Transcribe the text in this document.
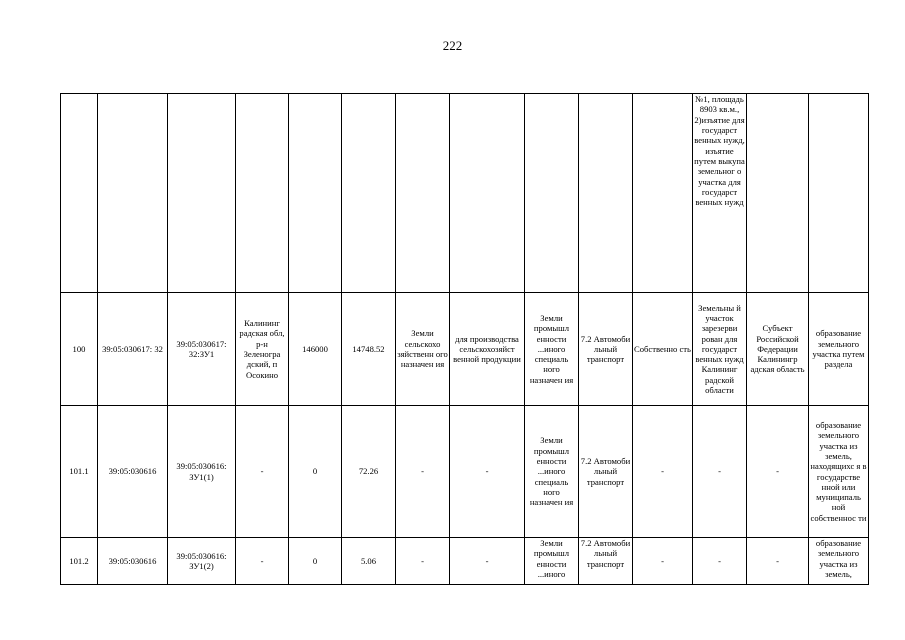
222
											№1, площадь 8903 кв.м., 2)изъятие для государст венных нужд, изъятие путем выкупа земельног о участка для государст венных нужд		
100	39:05:030617: 32	39:05:030617: 32:ЗУ1	Калининг радская обл, р-н Зеленогра дский, п Осокино	146000	14748.52	Земли сельскохо зяйственн ого назначен ия	для производства сельскохозяйст венной продукции	Земли промышл енности ...иного специаль ного назначен ия	7.2 Автомоби льный транспорт	Собственно сть	Земельны й участок зарезерви рован для государст венных нужд Калининг радской области	Субъект Российской Федерации Калинингр адская область	образование земельного участка путем раздела
101.1	39:05:030616	39:05:030616: ЗУ1(1)	-	0	72.26	-	-	Земли промышл енности ...иного специаль ного назначен ия	7.2 Автомоби льный транспорт	-	-	-	образование земельного участка из земель, находящихс я в государстве нной или муниципаль ной собственнос ти
101.2	39:05:030616	39:05:030616: ЗУ1(2)	-	0	5.06	-	-	Земли промышл енности ...иного	7.2 Автомоби льный транспорт	-	-	-	образование земельного участка из земель,
